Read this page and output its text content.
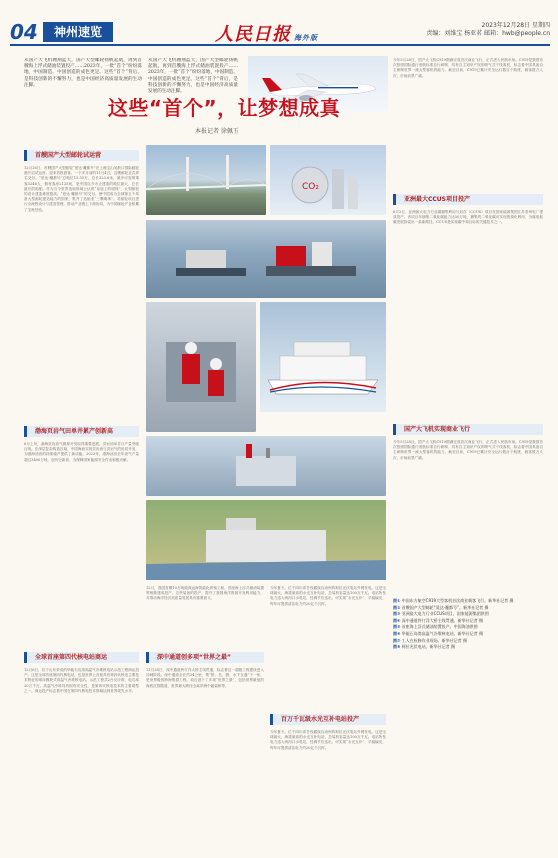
04	神州速览	人民日报 海外版
2023年12月28日 星期四
责编：刘维宝 杨亚茗 邮箱：hwb@people.cn
从国产大飞机翱翔蓝天，国产大型邮轮扬帆起航，再到首艘海上浮式储油装置投产……2023年，一批“首个”纷纷落地，中国制造、中国创造的成色更足。这些“首个”背后，是科技创新的不懈努力，也是中国经济高质量发展的生动注脚。
从国产大飞机翱翔蓝天，国产大型邮轮扬帆起航，再到首艘海上浮式储油装置投产……2023年，一批“首个”纷纷落地，中国制造、中国创造的成色更足。这些“首个”背后，是科技创新的不懈努力，也是中国经济高质量发展的生动注脚。
这些“首个”，让梦想成真
本报记者 徐佩玉
今年5月28日，国产大飞机C919圆满完成首次商业飞行，正式进入民航市场。C919是我国首次按照国际通行适航标准自行研制、具有自主知识产权的喷气式干线客机，标志着中国具备自主研制世界一流大型客机的能力。截至目前，C919已累计安全运行数百个航班，载客数万人次，市场前景广阔。
首艘国产大型邮轮试运营
12月26日，首艘国产大型邮轮“爱达·魔都号”在上海宝山吴淞口国际邮轮港开启试运营，迎来首批游客。一个多月前的11月4日，这艘邮轮正式命名交付。“爱达·魔都号”总吨位13.55万，总长323.6米，最多可容纳乘客5246人，拥有客房2125间，是中国迄今为止建造的吨位最大、总长最长的船舶。作为当今世界造船领域公认的“皇冠上的明珠”，大型邮轮的设计建造难度极高。“爱达·魔都号”的交付，使中国成为全球第五个具备大型邮轮建造能力的国家，集齐了造船业“三颗明珠”。对邮轮项目进行全流程设计与建造管理，推动产业链上下游协同，为中国邮轮产业积累了宝贵经验。
渤海页岩气田单井累产创新高
6月上旬，渤海页岩油气勘探开发取得重要进展，页岩油单井日产量突破百吨。在深层复杂构造区域，中国海油实现页岩油与页岩气的协同开发，为渤海油田的持续稳产提供了新动能。2023年，渤海油田全年油气产量超过3400万吨，创历史新高，为保障国家能源安全作出积极贡献。
全球首座第四代核电站商运
12月6日，位于山东荣成的华能石岛湾高温气冷堆核电站示范工程商运投产。这是全球首座第四代核电站，也是世界上首座具有第四代核电主要技术特征的球床模块式高温气冷堆核电站。示范工程共2台反应堆，电功率20万千瓦。高温气冷堆具有固有安全性，是第四代核电技术的主要堆型之一。商运投产标志着中国在第四代核电技术领域达到世界领先水平。
CO₂
深中通道创多项“世界之最”
11月28日，深中通道伶仃洋大桥主线贯通，标志着这一超级工程建设进入冲刺阶段。深中通道全长约24公里，集“桥、岛、隧、水下互通”于一体，是世界级的跨海集群工程。项目创下了多项“世界之最”，包括世界最宽的海底沉管隧道、世界最大跨径全离岸海中悬索桥等。
12月，我国首艘10万吨级深远海智能化养殖工船、首座海上浮式储油装置等相继建成投产。这些装备的投产，提升了我国海洋资源开发利用能力，对推动海洋经济高质量发展具有重要意义。
今年夏天，位于四川省甘孜藏族自治州的柯拉光伏电站并网发电。这是全球最大、海拔最高的水光互补电站，总装机容量达100万千瓦。电站所发电力送入两河口水电站，经调节后送出，可实现“水光互补”、平稳输出，每年可提供清洁电力约20亿千瓦时。
百万千瓦级水光互补电站投产
今年夏天，位于四川省甘孜藏族自治州的柯拉光伏电站并网发电。这是全球最大、海拔最高的水光互补电站，总装机容量达100万千瓦。电站所发电力送入两河口水电站，经调节后送出，可实现“水光互补”、平稳输出，每年可提供清洁电力约20亿千瓦时。
亚洲最大CCUS项目投产
6月2日，亚洲最大电力行业碳捕集利用与封存（CCUS）项目在国家能源集团江苏泰州电厂建成投产。该项目年捕集二氧化碳能力达50万吨，捕集的二氧化碳可实现资源化利用，为煤电低碳发展探索出一条新路径。CCUS是实现碳中和目标的关键技术之一。
国产大飞机实现商业飞行
今年5月28日，国产大飞机C919圆满完成首次商业飞行，正式进入民航市场。C919是我国首次按照国际通行适航标准自行研制、具有自主知识产权的喷气式干线客机，标志着中国具备自主研制世界一流大型客机的能力。截至目前，C919已累计安全运行数百个航班，载客数万人次，市场前景广阔。
图① 中国东方航空C919大型客机首次商业载客飞行。新华社记者 摄
图② 首艘国产大型邮轮“爱达·魔都号”。新华社记者 摄
图③ 亚洲最大电力行业CCUS项目。国家能源集团供图
图④ 深中通道伶仃洋大桥主线贯通。新华社记者 摄
图⑤ 首座海上浮式储油装置投产。中国海油供图
图⑥ 华能石岛湾高温气冷堆核电站。新华社记者 摄
图⑦ 工人在检修作业现场。新华社记者 摄
图⑧ 柯拉光伏电站。新华社记者 摄
